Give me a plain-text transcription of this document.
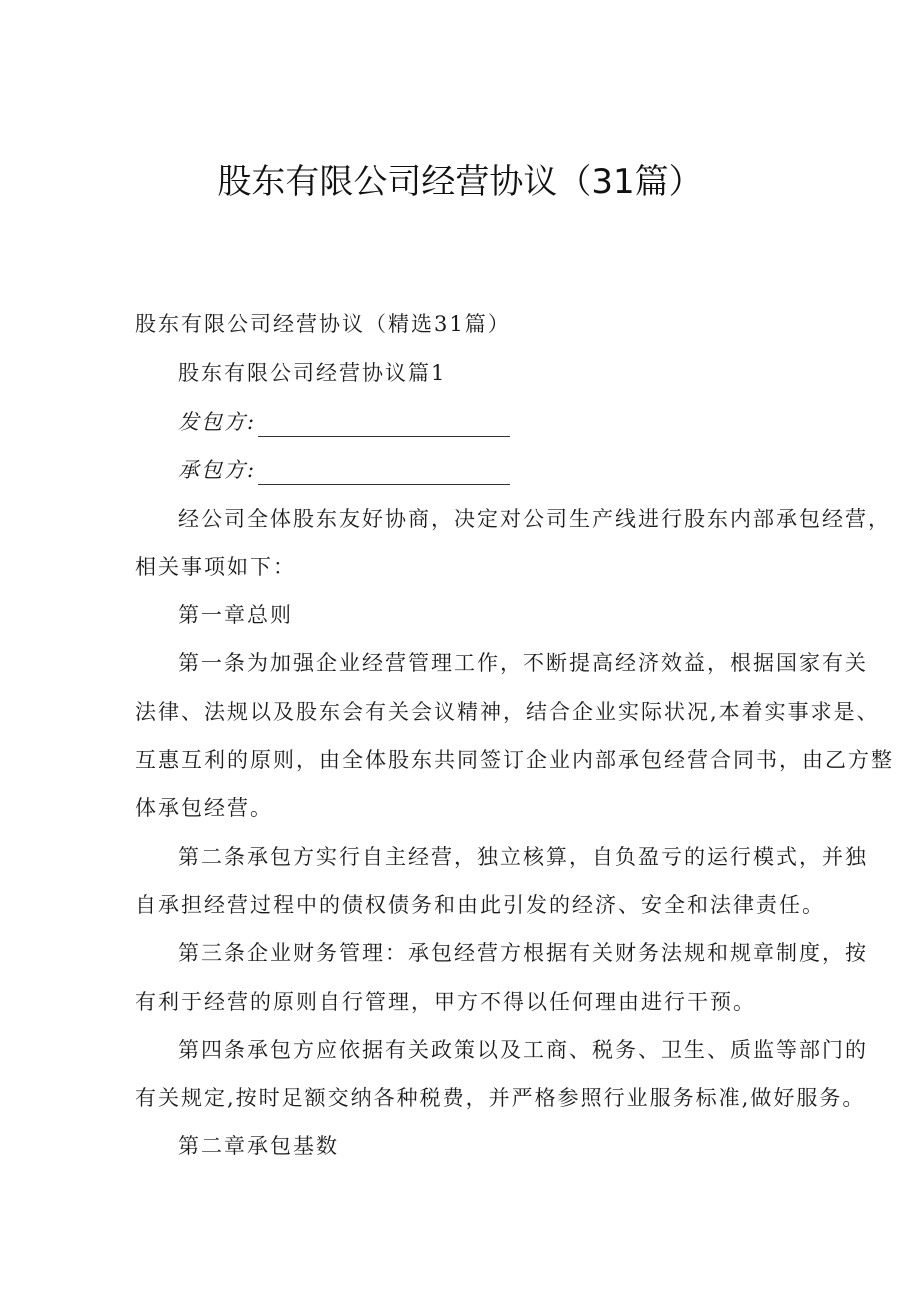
股东有限公司经营协议（31篇）

股东有限公司经营协议（精选31篇）

股东有限公司经营协议篇1

发包方:

承包方:

经公司全体股东友好协商，决定对公司生产线进行股东内部承包经营，

相关事项如下：

第一章总则

第一条为加强企业经营管理工作，不断提高经济效益，根据国家有关

法律、法规以及股东会有关会议精神，结合企业实际状况,本着实事求是、

互惠互利的原则，由全体股东共同签订企业内部承包经营合同书，由乙方整

体承包经营。

第二条承包方实行自主经营，独立核算，自负盈亏的运行模式，并独

自承担经营过程中的债权债务和由此引发的经济、安全和法律责任。

第三条企业财务管理：承包经营方根据有关财务法规和规章制度，按

有利于经营的原则自行管理，甲方不得以任何理由进行干预。

第四条承包方应依据有关政策以及工商、税务、卫生、质监等部门的

有关规定,按时足额交纳各种税费，并严格参照行业服务标准,做好服务。

第二章承包基数
